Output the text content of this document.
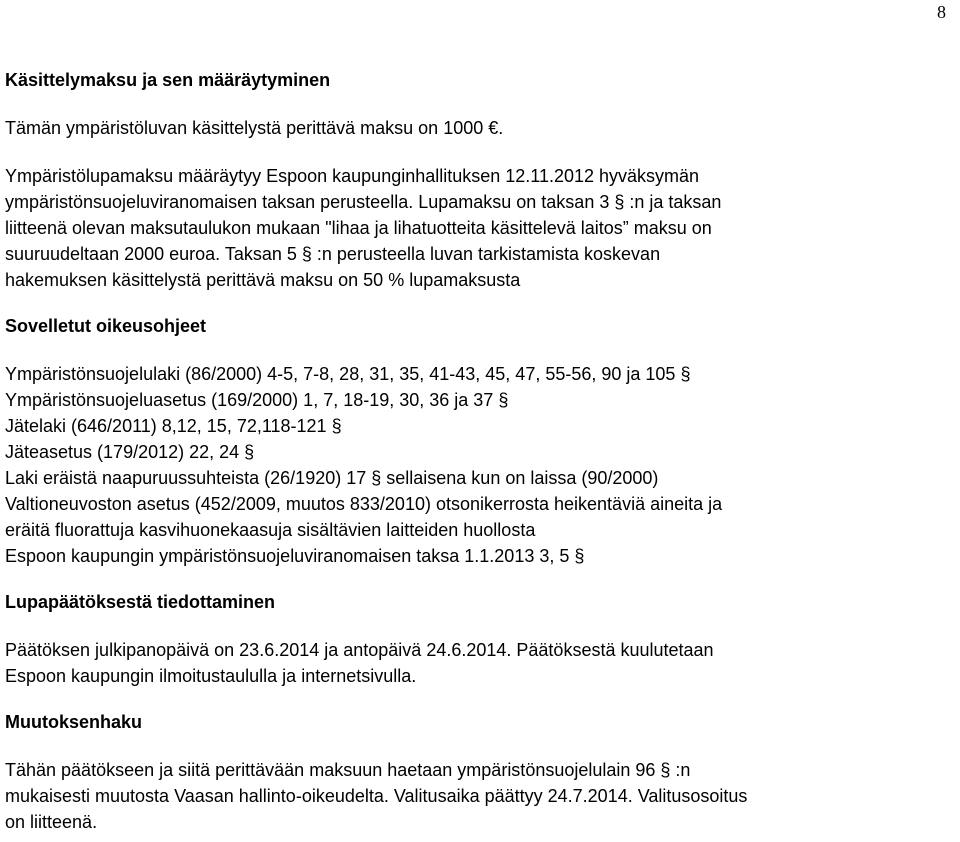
8
Käsittelymaksu ja sen määräytyminen

Tämän ympäristöluvan käsittelystä perittävä maksu on 1000 €.

Ympäristölupamaksu määräytyy Espoon kaupunginhallituksen 12.11.2012 hyväksymän

ympäristönsuojeluviranomaisen taksan perusteella. Lupamaksu on taksan 3 § :n ja taksan

liitteenä olevan maksutaulukon mukaan "lihaa ja lihatuotteita käsittelevä laitos” maksu on

suuruudeltaan 2000 euroa. Taksan 5 § :n perusteella luvan tarkistamista koskevan

hakemuksen käsittelystä perittävä maksu on 50 % lupamaksusta

Sovelletut oikeusohjeet

Ympäristönsuojelulaki (86/2000) 4-5, 7-8, 28, 31, 35, 41-43, 45, 47, 55-56, 90 ja 105 §

Ympäristönsuojeluasetus (169/2000) 1, 7, 18-19, 30, 36 ja 37 §

Jätelaki (646/2011) 8,12, 15, 72,118-121 §

Jäteasetus (179/2012) 22, 24 §

Laki eräistä naapuruussuhteista (26/1920) 17 § sellaisena kun on laissa (90/2000)

Valtioneuvoston asetus (452/2009, muutos 833/2010) otsonikerrosta heikentäviä aineita ja

eräitä fluorattuja kasvihuonekaasuja sisältävien laitteiden huollosta

Espoon kaupungin ympäristönsuojeluviranomaisen taksa 1.1.2013 3, 5 §

Lupapäätöksestä tiedottaminen

Päätöksen julkipanopäivä on 23.6.2014 ja antopäivä 24.6.2014. Päätöksestä kuulutetaan

Espoon kaupungin ilmoitustaululla ja internetsivulla.

Muutoksenhaku

Tähän päätökseen ja siitä perittävään maksuun haetaan ympäristönsuojelulain 96 § :n

mukaisesti muutosta Vaasan hallinto-oikeudelta. Valitusaika päättyy 24.7.2014. Valitusosoitus

on liitteenä.
